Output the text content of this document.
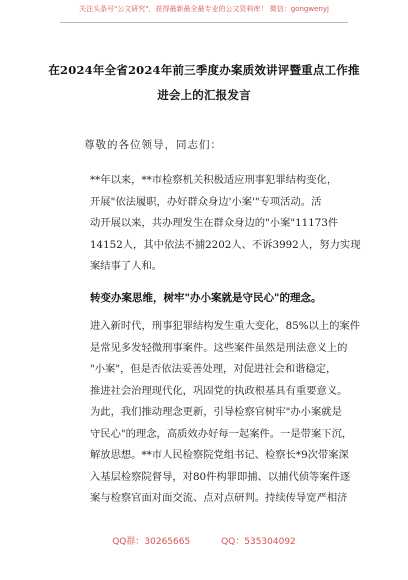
关注头条号"公文研究"，获得最新最全最专业的公文资料库！ 微信：gongwenyj
在2024年全省2024年前三季度办案质效讲评暨重点工作推
进会上的汇报发言
尊敬的各位领导，同志们：
**年以来，**市检察机关积极适应刑事犯罪结构变化，
开展"依法履职，办好群众身边'小案'"专项活动。活
动开展以来，共办理发生在群众身边的"小案"11173件
14152人，其中依法不捕2202人、不诉3992人，努力实现
案结事了人和。
转变办案思维，树牢"办小案就是守民心"的理念。
进入新时代，刑事犯罪结构发生重大变化，85%以上的案件
是常见多发轻微刑事案件。这些案件虽然是刑法意义上的
"小案"，但是否依法妥善处理，对促进社会和谐稳定，
推进社会治理现代化，巩固党的执政根基具有重要意义。
为此，我们推动理念更新，引导检察官树牢"办小案就是
守民心"的理念，高质效办好每一起案件。一是带案下沉，
解放思想。**市人民检察院党组书记、检察长*9次带案深
入基层检察院督导，对80件构罪即捕、以捕代侦等案件逐
案与检察官面对面交流、点对点研判。持续传导宽严相济
QQ群：30265665	QQ：535304092
